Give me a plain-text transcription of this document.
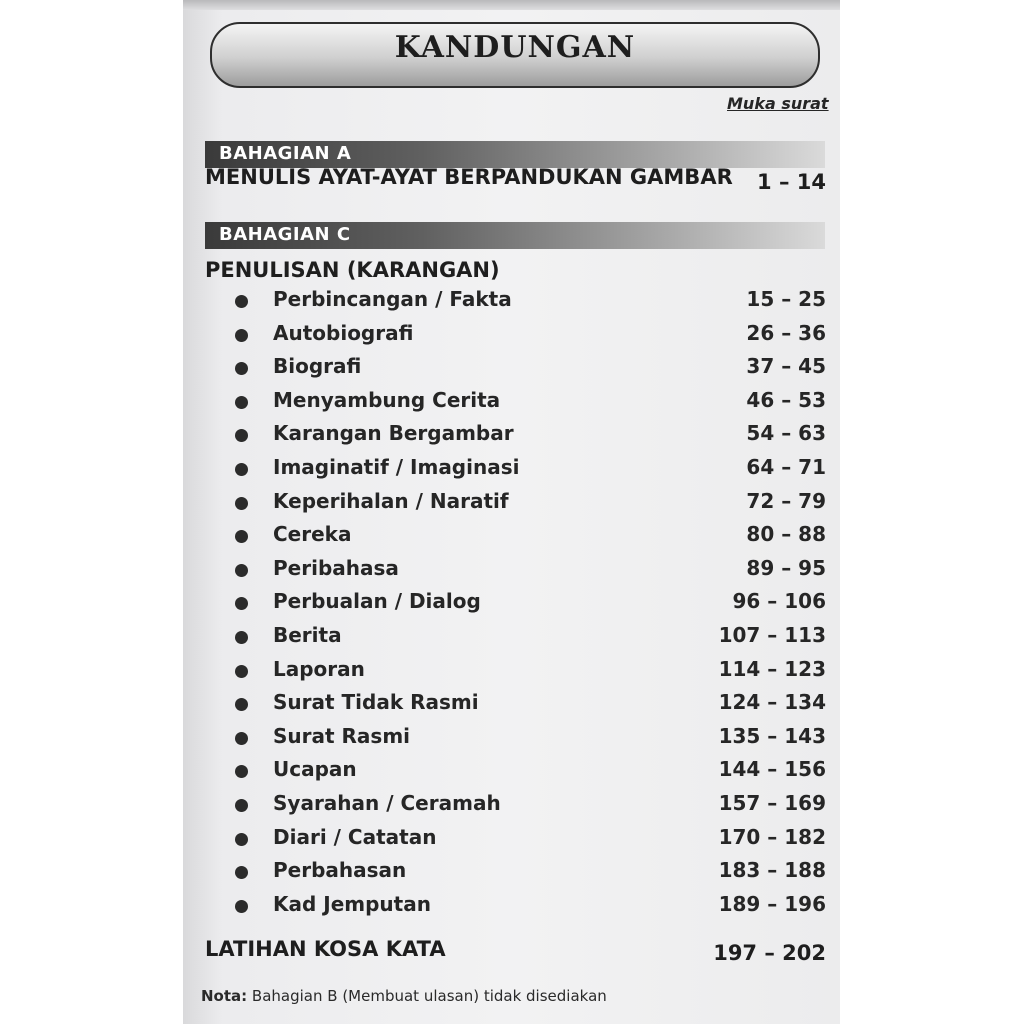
KANDUNGAN
Muka surat
BAHAGIAN A
MENULIS AYAT-AYAT BERPANDUKAN GAMBAR	1 – 14
BAHAGIAN C
PENULISAN (KARANGAN)
Perbincangan / Fakta	15 – 25
Autobiografi	26 – 36
Biografi	37 – 45
Menyambung Cerita	46 – 53
Karangan Bergambar	54 – 63
Imaginatif / Imaginasi	64 – 71
Keperihalan / Naratif	72 – 79
Cereka	80 – 88
Peribahasa	89 – 95
Perbualan / Dialog	96 – 106
Berita	107 – 113
Laporan	114 – 123
Surat Tidak Rasmi	124 – 134
Surat Rasmi	135 – 143
Ucapan	144 – 156
Syarahan / Ceramah	157 – 169
Diari / Catatan	170 – 182
Perbahasan	183 – 188
Kad Jemputan	189 – 196
LATIHAN KOSA KATA	197 – 202
Nota: Bahagian B (Membuat ulasan) tidak disediakan
